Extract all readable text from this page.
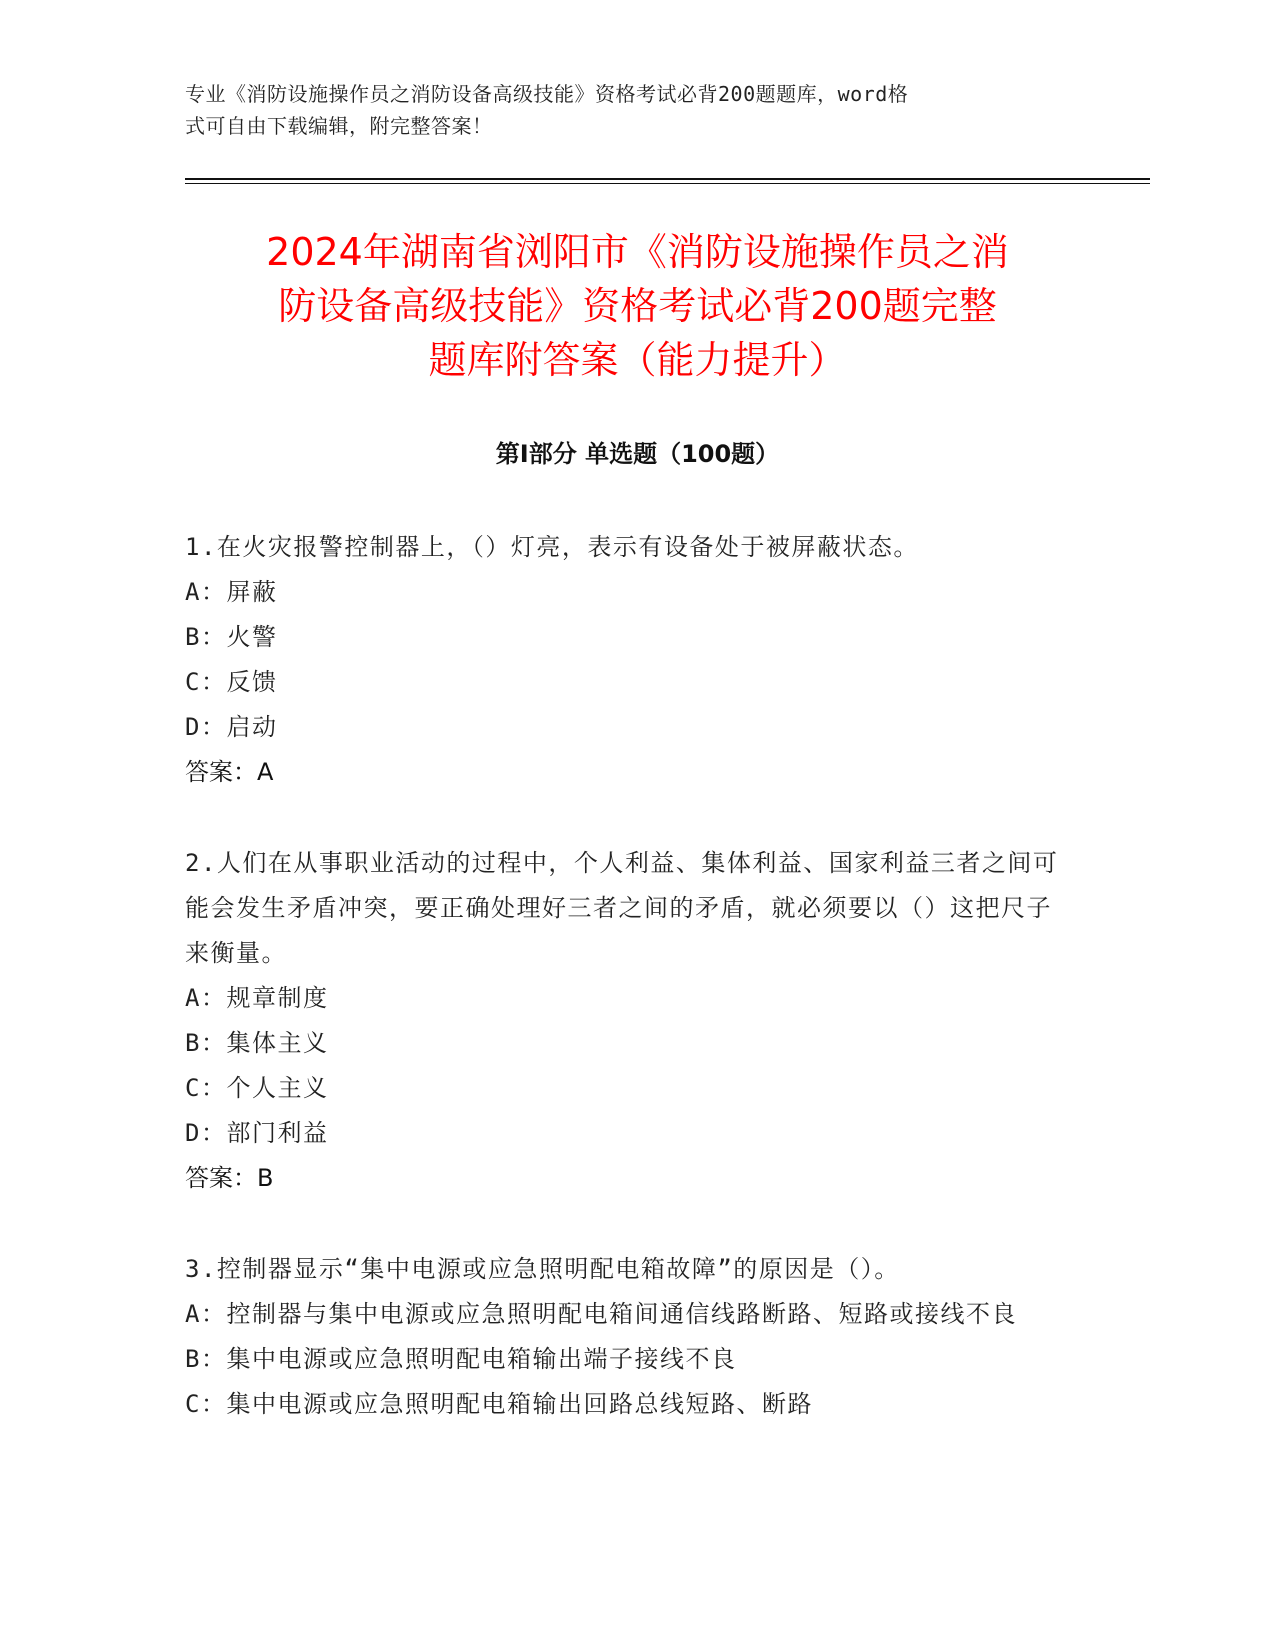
专业《消防设施操作员之消防设备高级技能》资格考试必背200题题库，word格
式可自由下载编辑，附完整答案！
2024年湖南省浏阳市《消防设施操作员之消
防设备高级技能》资格考试必背200题完整
题库附答案（能力提升）
第I部分 单选题（100题）

1.在火灾报警控制器上，（）灯亮，表示有设备处于被屏蔽状态。

A：屏蔽

B：火警

C：反馈

D：启动

答案：A

2.人们在从事职业活动的过程中，个人利益、集体利益、国家利益三者之间可能会发生矛盾冲突，要正确处理好三者之间的矛盾，就必须要以（）这把尺子来衡量。

A：规章制度

B：集体主义

C：个人主义

D：部门利益

答案：B

3.控制器显示“集中电源或应急照明配电箱故障”的原因是（）。

A：控制器与集中电源或应急照明配电箱间通信线路断路、短路或接线不良

B：集中电源或应急照明配电箱输出端子接线不良

C：集中电源或应急照明配电箱输出回路总线短路、断路
